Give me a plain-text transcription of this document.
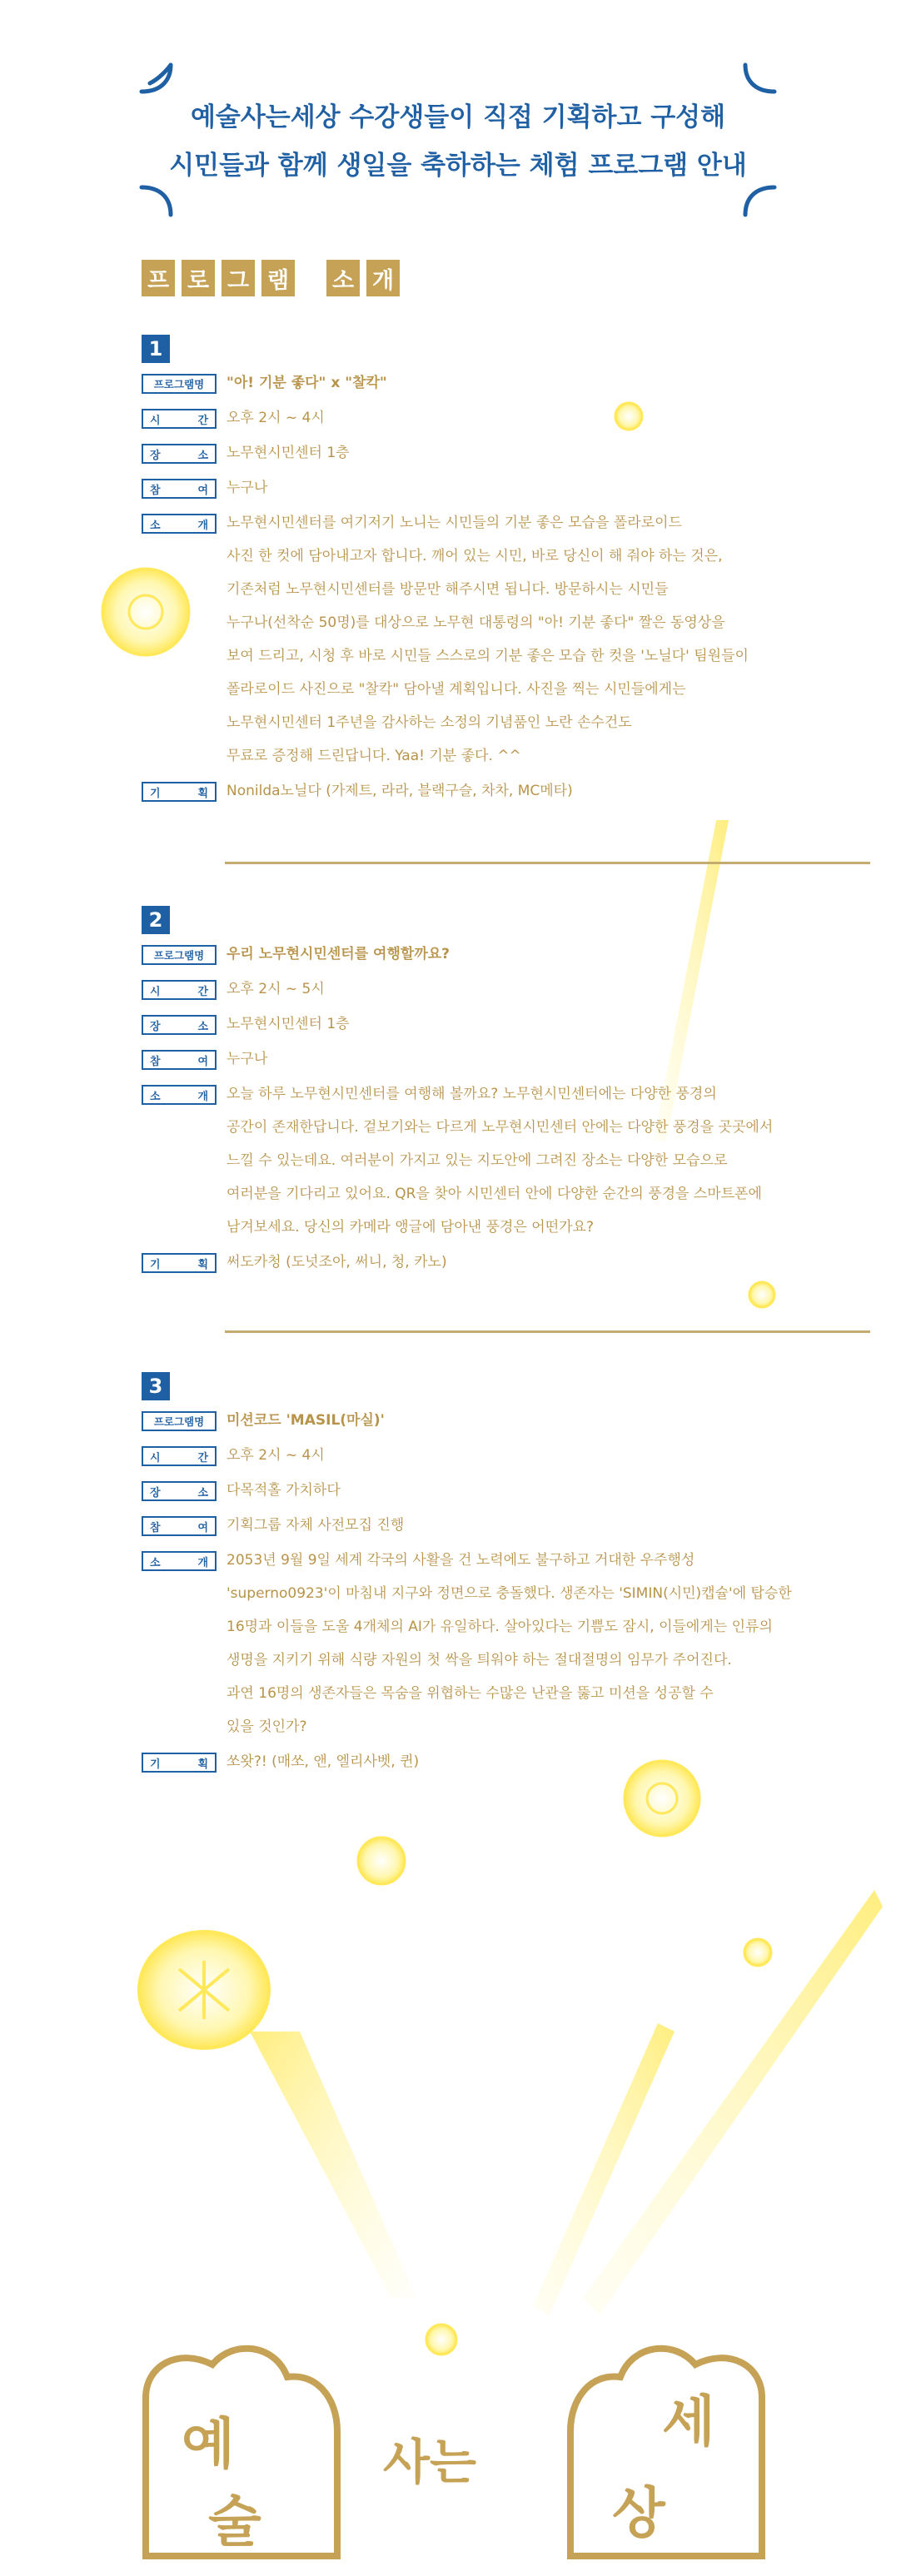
예술사는세상 수강생들이 직접 기획하고 구성해
시민들과 함께 생일을 축하하는 체험 프로그램 안내
프 로 그 램 소 개
1
프로그램명	"아! 기분 좋다" x "찰칵"
시	간 오후 2시 ~ 4시
장	소 노무현시민센터 1층
참	여 누구나
소	개 노무현시민센터를 여기저기 노니는 시민들의 기분 좋은 모습을 폴라로이드
사진 한 컷에 담아내고자 합니다. 깨어 있는 시민, 바로 당신이 해 줘야 하는 것은,
기존처럼 노무현시민센터를 방문만 해주시면 됩니다. 방문하시는 시민들
누구나(선착순 50명)를 대상으로 노무현 대통령의 "아! 기분 좋다" 짤은 동영상을
보여 드리고, 시청 후 바로 시민들 스스로의 기분 좋은 모습 한 컷을 '노닐다' 팀원들이
폴라로이드 사진으로 "찰칵" 담아낼 계획입니다. 사진을 찍는 시민들에게는
노무현시민센터 1주년을 감사하는 소정의 기념품인 노란 손수건도
무료로 증정해 드린답니다. Yaa! 기분 좋다. ^^
기	획 Nonilda노닐다 (가제트, 라라, 블랙구슬, 차차, MC메타)
2
프로그램명	우리 노무현시민센터를 여행할까요?
시	간 오후 2시 ~ 5시
장	소 노무현시민센터 1층
참	여 누구나
소	개 오늘 하루 노무현시민센터를 여행해 볼까요? 노무현시민센터에는 다양한 풍경의
공간이 존재한답니다. 겉보기와는 다르게 노무현시민센터 안에는 다양한 풍경을 곳곳에서
느낄 수 있는데요. 여러분이 가지고 있는 지도안에 그려진 장소는 다양한 모습으로
여러분을 기다리고 있어요. QR을 찾아 시민센터 안에 다양한 순간의 풍경을 스마트폰에
남겨보세요. 당신의 카메라 앵글에 담아낸 풍경은 어떤가요?
기	획 써도카청 (도넛조아, 써니, 청, 카노)
3
프로그램명	미션코드 'MASIL(마실)'
시	간 오후 2시 ~ 4시
장	소 다목적홀 가치하다
참	여 기획그룹 자체 사전모집 진행
소	개 2053년 9월 9일 세계 각국의 사활을 건 노력에도 불구하고 거대한 우주행성
'superno0923'이 마침내 지구와 정면으로 충돌했다. 생존자는 'SIMIN(시민)캡슐'에 탑승한
16명과 이들을 도울 4개체의 AI가 유일하다. 살아있다는 기쁨도 잠시, 이들에게는 인류의
생명을 지키기 위해 식량 자원의 첫 싹을 틔워야 하는 절대절명의 임무가 주어진다.
과연 16명의 생존자들은 목숨을 위협하는 수많은 난관을 뚫고 미션을 성공할 수
있을 것인가?
기	획 쏘왓?! (매쏘, 앤, 엘리사벳, 퀸)
예
술
사는
세
상
